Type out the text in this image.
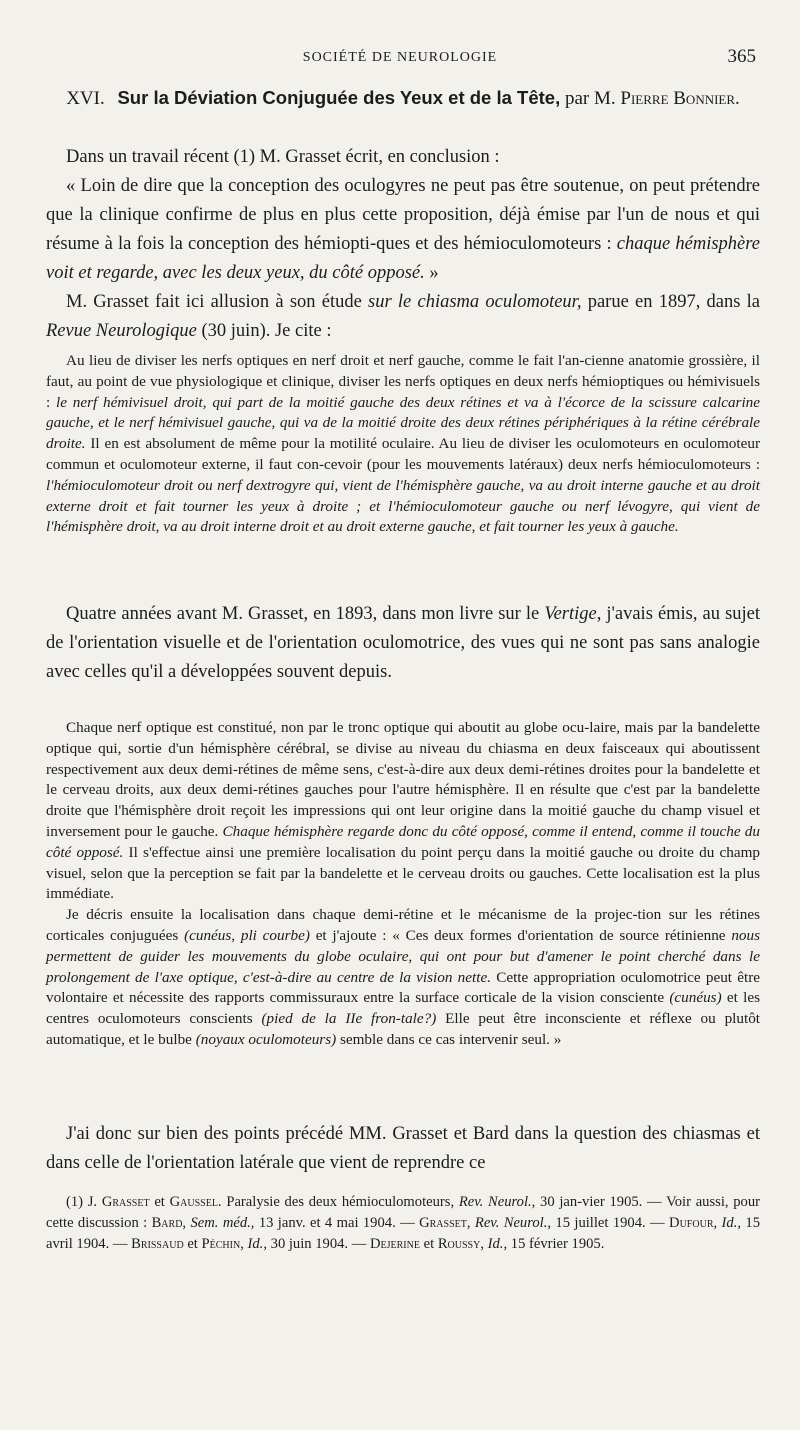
SOCIÉTÉ DE NEUROLOGIE	365
XVI. Sur la Déviation Conjuguée des Yeux et de la Tête, par M. Pierre Bonnier.

Dans un travail récent (1) M. Grasset écrit, en conclusion :

« Loin de dire que la conception des oculogyres ne peut pas être soutenue, on peut prétendre que la clinique confirme de plus en plus cette proposition, déjà émise par l'un de nous et qui résume à la fois la conception des hémiopti-ques et des hémioculomoteurs : chaque hémisphère voit et regarde, avec les deux yeux, du côté opposé. »

M. Grasset fait ici allusion à son étude sur le chiasma oculomoteur, parue en 1897, dans la Revue Neurologique (30 juin). Je cite :

Au lieu de diviser les nerfs optiques en nerf droit et nerf gauche, comme le fait l'an-cienne anatomie grossière, il faut, au point de vue physiologique et clinique, diviser les nerfs optiques en deux nerfs hémioptiques ou hémivisuels : le nerf hémivisuel droit, qui part de la moitié gauche des deux rétines et va à l'écorce de la scissure calcarine gauche, et le nerf hémivisuel gauche, qui va de la moitié droite des deux rétines périphériques à la rétine cérébrale droite. Il en est absolument de même pour la motilité oculaire. Au lieu de diviser les oculomoteurs en oculomoteur commun et oculomoteur externe, il faut con-cevoir (pour les mouvements latéraux) deux nerfs hémioculomoteurs : l'hémioculomoteur droit ou nerf dextrogyre qui, vient de l'hémisphère gauche, va au droit interne gauche et au droit externe droit et fait tourner les yeux à droite ; et l'hémioculomoteur gauche ou nerf lévogyre, qui vient de l'hémisphère droit, va au droit interne droit et au droit externe gauche, et fait tourner les yeux à gauche.

Quatre années avant M. Grasset, en 1893, dans mon livre sur le Vertige, j'avais émis, au sujet de l'orientation visuelle et de l'orientation oculomotrice, des vues qui ne sont pas sans analogie avec celles qu'il a développées souvent depuis.

Chaque nerf optique est constitué, non par le tronc optique qui aboutit au globe ocu-laire, mais par la bandelette optique qui, sortie d'un hémisphère cérébral, se divise au niveau du chiasma en deux faisceaux qui aboutissent respectivement aux deux demi-rétines de même sens, c'est-à-dire aux deux demi-rétines droites pour la bandelette et le cerveau droits, aux deux demi-rétines gauches pour l'autre hémisphère. Il en résulte que c'est par la bandelette droite que l'hémisphère droit reçoit les impressions qui ont leur origine dans la moitié gauche du champ visuel et inversement pour le gauche. Chaque hémisphère regarde donc du côté opposé, comme il entend, comme il touche du côté opposé. Il s'effectue ainsi une première localisation du point perçu dans la moitié gauche ou droite du champ visuel, selon que la perception se fait par la bandelette et le cerveau droits ou gauches. Cette localisation est la plus immédiate.

Je décris ensuite la localisation dans chaque demi-rétine et le mécanisme de la projec-tion sur les rétines corticales conjuguées (cunéus, pli courbe) et j'ajoute : « Ces deux formes d'orientation de source rétinienne nous permettent de guider les mouvements du globe oculaire, qui ont pour but d'amener le point cherché dans le prolongement de l'axe optique, c'est-à-dire au centre de la vision nette. Cette appropriation oculomotrice peut être volontaire et nécessite des rapports commissuraux entre la surface corticale de la vision consciente (cunéus) et les centres oculomoteurs conscients (pied de la IIe fron-tale?) Elle peut être inconsciente et réflexe ou plutôt automatique, et le bulbe (noyaux oculomoteurs) semble dans ce cas intervenir seul. »

J'ai donc sur bien des points précédé MM. Grasset et Bard dans la question des chiasmas et dans celle de l'orientation latérale que vient de reprendre ce

(1) J. Grasset et Gaussel. Paralysie des deux hémioculomoteurs, Rev. Neurol., 30 jan-vier 1905. — Voir aussi, pour cette discussion : Bard, Sem. méd., 13 janv. et 4 mai 1904. — Grasset, Rev. Neurol., 15 juillet 1904. — Dufour, Id., 15 avril 1904. — Brissaud et Péchin, Id., 30 juin 1904. — Dejerine et Roussy, Id., 15 février 1905.
